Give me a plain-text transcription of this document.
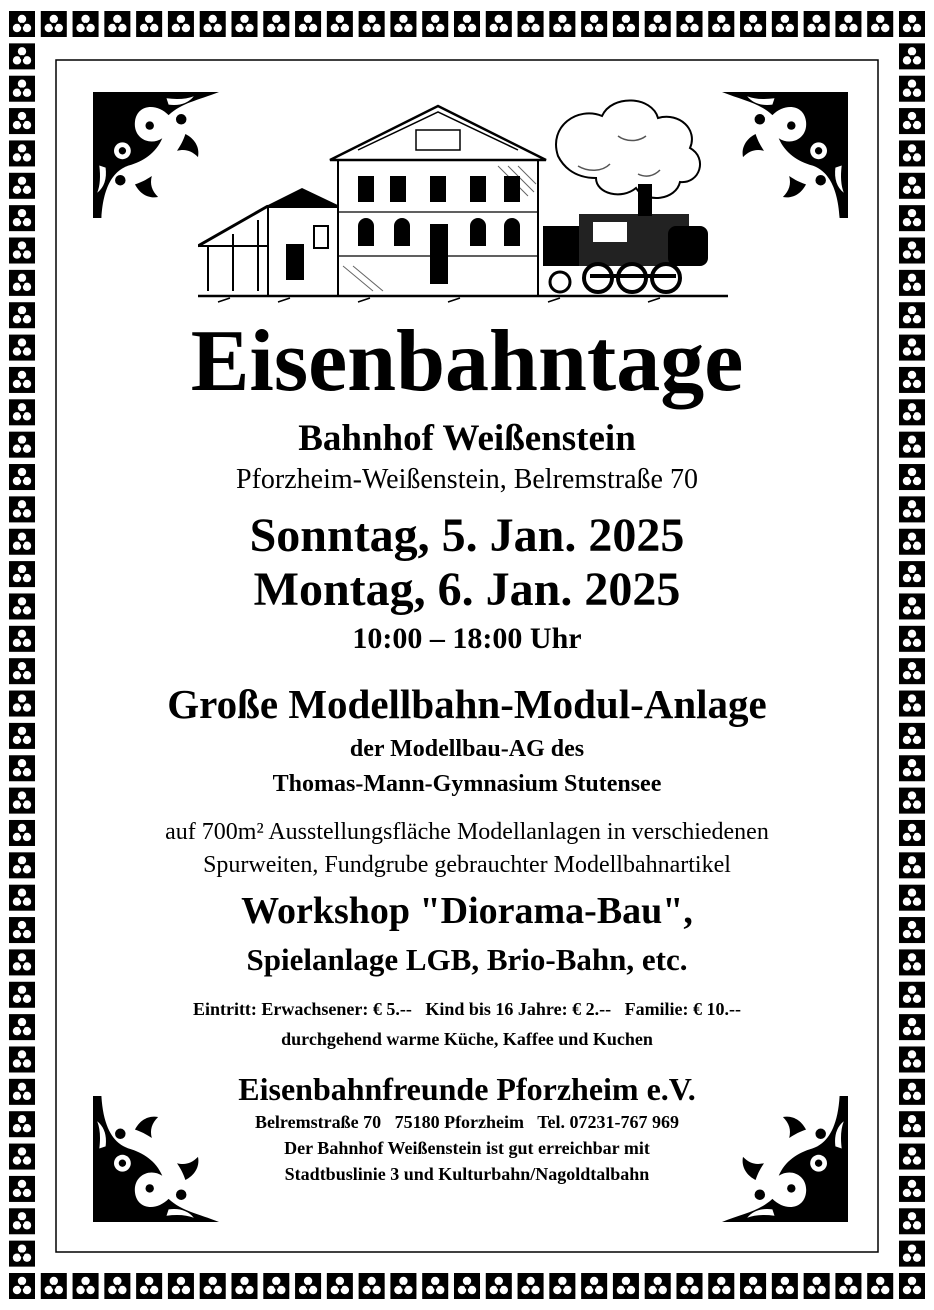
Eisenbahntage
Bahnhof Weißenstein
Pforzheim-Weißenstein, Belremstraße 70
Sonntag, 5. Jan. 2025
Montag, 6. Jan. 2025
10:00 – 18:00 Uhr
Große Modellbahn-Modul-Anlage
der Modellbau-AG des
Thomas-Mann-Gymnasium Stutensee
auf 700m² Ausstellungsfläche Modellanlagen in verschiedenen
Spurweiten, Fundgrube gebrauchter Modellbahnartikel
Workshop "Diorama-Bau",
Spielanlage LGB, Brio-Bahn, etc.
Eintritt: Erwachsener: € 5.--   Kind bis 16 Jahre: € 2.--   Familie: € 10.--
durchgehend warme Küche, Kaffee und Kuchen
Eisenbahnfreunde Pforzheim e.V.
Belremstraße 70   75180 Pforzheim   Tel. 07231-767 969
Der Bahnhof Weißenstein ist gut erreichbar mit
Stadtbuslinie 3 und Kulturbahn/Nagoldtalbahn
